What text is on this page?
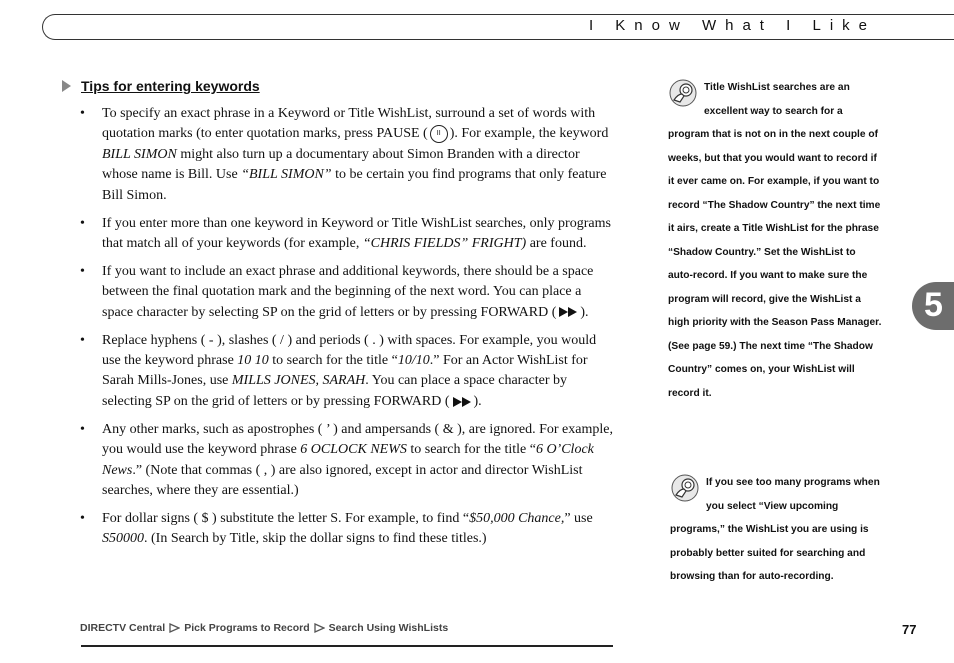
I Know What I Like
Tips for entering keywords
• To specify an exact phrase in a Keyword or Title WishList, surround a set of words with quotation marks (to enter quotation marks, press PAUSE ( II ). For example, the keyword BILL SIMON might also turn up a documentary about Simon Branden with a director whose name is Bill. Use “BILL SIMON” to be certain you find programs that only feature Bill Simon.
• If you enter more than one keyword in Keyword or Title WishList searches, only programs that match all of your keywords (for example, “CHRIS FIELDS” FRIGHT) are found.
• If you want to include an exact phrase and additional keywords, there should be a space between the final quotation mark and the beginning of the next word. You can place a space character by selecting SP on the grid of letters or by pressing FORWARD ( ).
• Replace hyphens ( - ), slashes ( / ) and periods ( . ) with spaces. For example, you would use the keyword phrase 10 10 to search for the title “10/10.” For an Actor WishList for Sarah Mills-Jones, use MILLS JONES, SARAH. You can place a space character by selecting SP on the grid of letters or by pressing FORWARD ( ).
• Any other marks, such as apostrophes ( ’ ) and ampersands ( & ), are ignored. For example, you would use the keyword phrase 6 OCLOCK NEWS to search for the title “6 O’Clock News.” (Note that commas ( , ) are also ignored, except in actor and director WishList searches, where they are essential.)
• For dollar signs ( $ ) substitute the letter S. For example, to find “$50,000 Chance,” use S50000. (In Search by Title, skip the dollar signs to find these titles.)
Title WishList searches are an excellent way to search for a program that is not on in the next couple of weeks, but that you would want to record if it ever came on. For example, if you want to record “The Shadow Country” the next time it airs, create a Title WishList for the phrase “Shadow Country.” Set the WishList to auto-record. If you want to make sure the program will record, give the WishList a high priority with the Season Pass Manager. (See page 59.) The next time “The Shadow Country” comes on, your WishList will record it.
If you see too many programs when you select “View upcoming programs,” the WishList you are using is probably better suited for searching and browsing than for auto-recording.
5
DIRECTV Central Pick Programs to Record Search Using WishLists	77
